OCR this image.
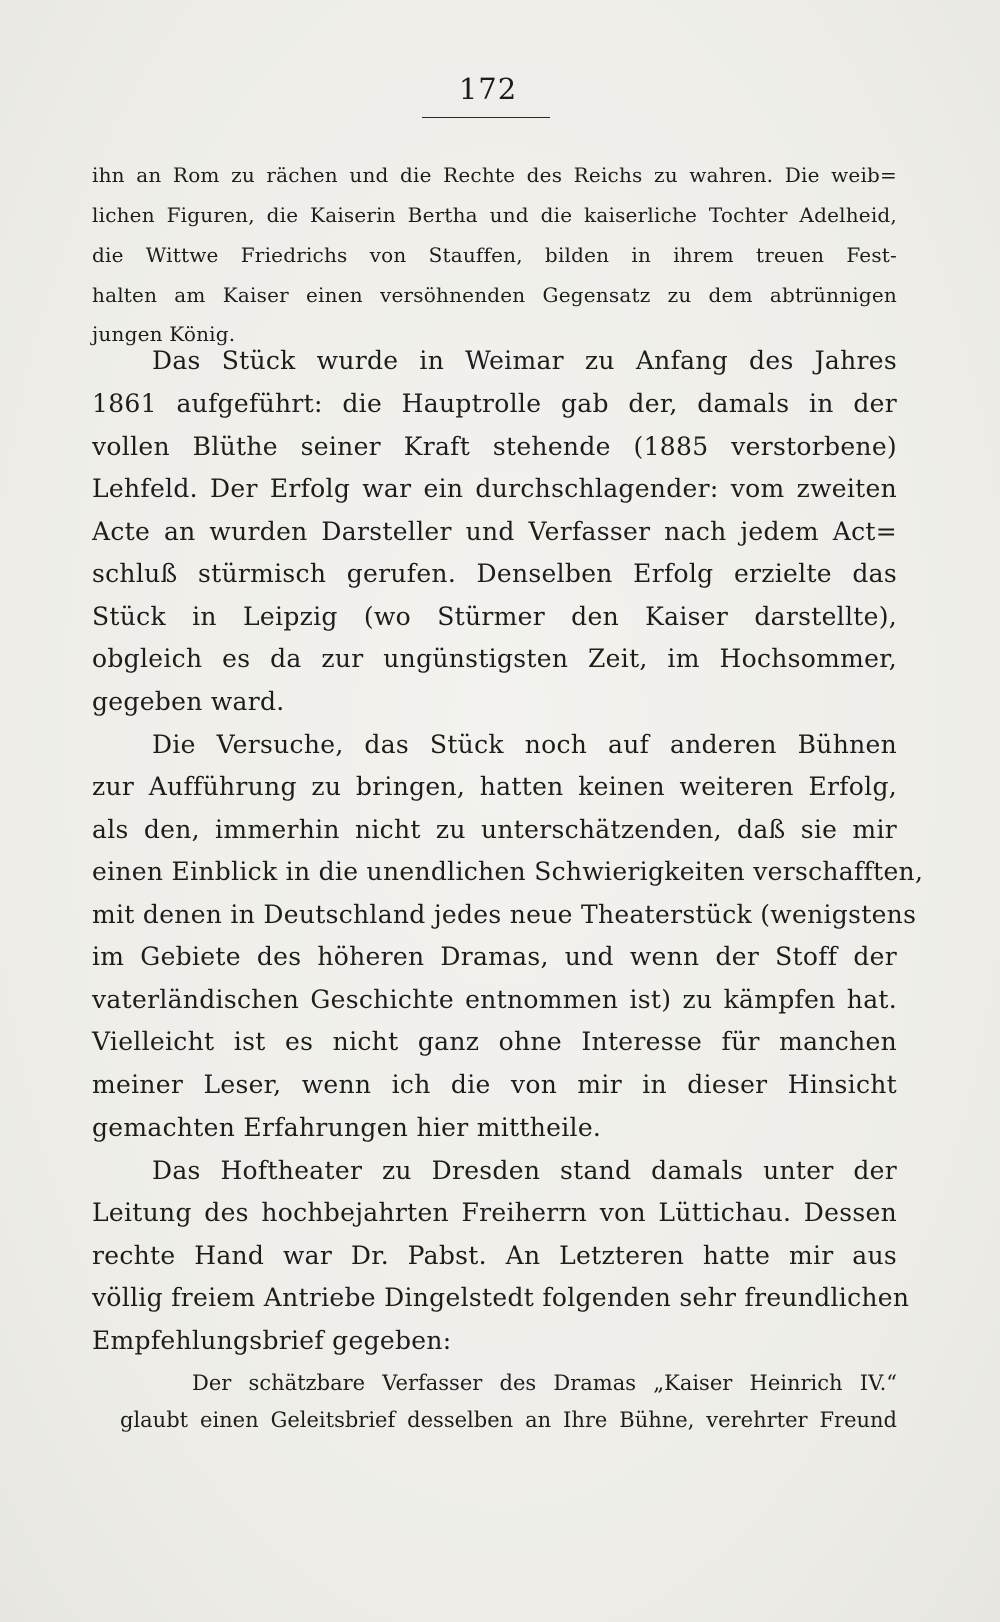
172
ihn an Rom zu rächen und die Rechte des Reichs zu wahren. Die weib=
lichen Figuren, die Kaiserin Bertha und die kaiserliche Tochter Adelheid,
die Wittwe Friedrichs von Stauffen, bilden in ihrem treuen Fest-
halten am Kaiser einen versöhnenden Gegensatz zu dem abtrünnigen
jungen König.
Das Stück wurde in Weimar zu Anfang des Jahres
1861 aufgeführt: die Hauptrolle gab der, damals in der
vollen Blüthe seiner Kraft stehende (1885 verstorbene)
Lehfeld. Der Erfolg war ein durchschlagender: vom zweiten
Acte an wurden Darsteller und Verfasser nach jedem Act=
schluß stürmisch gerufen. Denselben Erfolg erzielte das
Stück in Leipzig (wo Stürmer den Kaiser darstellte),
obgleich es da zur ungünstigsten Zeit, im Hochsommer,
gegeben ward.
Die Versuche, das Stück noch auf anderen Bühnen
zur Aufführung zu bringen, hatten keinen weiteren Erfolg,
als den, immerhin nicht zu unterschätzenden, daß sie mir
einen Einblick in die unendlichen Schwierigkeiten verschafften,
mit denen in Deutschland jedes neue Theaterstück (wenigstens
im Gebiete des höheren Dramas, und wenn der Stoff der
vaterländischen Geschichte entnommen ist) zu kämpfen hat.
Vielleicht ist es nicht ganz ohne Interesse für manchen
meiner Leser, wenn ich die von mir in dieser Hinsicht
gemachten Erfahrungen hier mittheile.
Das Hoftheater zu Dresden stand damals unter der
Leitung des hochbejahrten Freiherrn von Lüttichau. Dessen
rechte Hand war Dr. Pabst. An Letzteren hatte mir aus
völlig freiem Antriebe Dingelstedt folgenden sehr freundlichen
Empfehlungsbrief gegeben:
Der schätzbare Verfasser des Dramas „Kaiser Heinrich IV.“
glaubt einen Geleitsbrief desselben an Ihre Bühne, verehrter Freund
